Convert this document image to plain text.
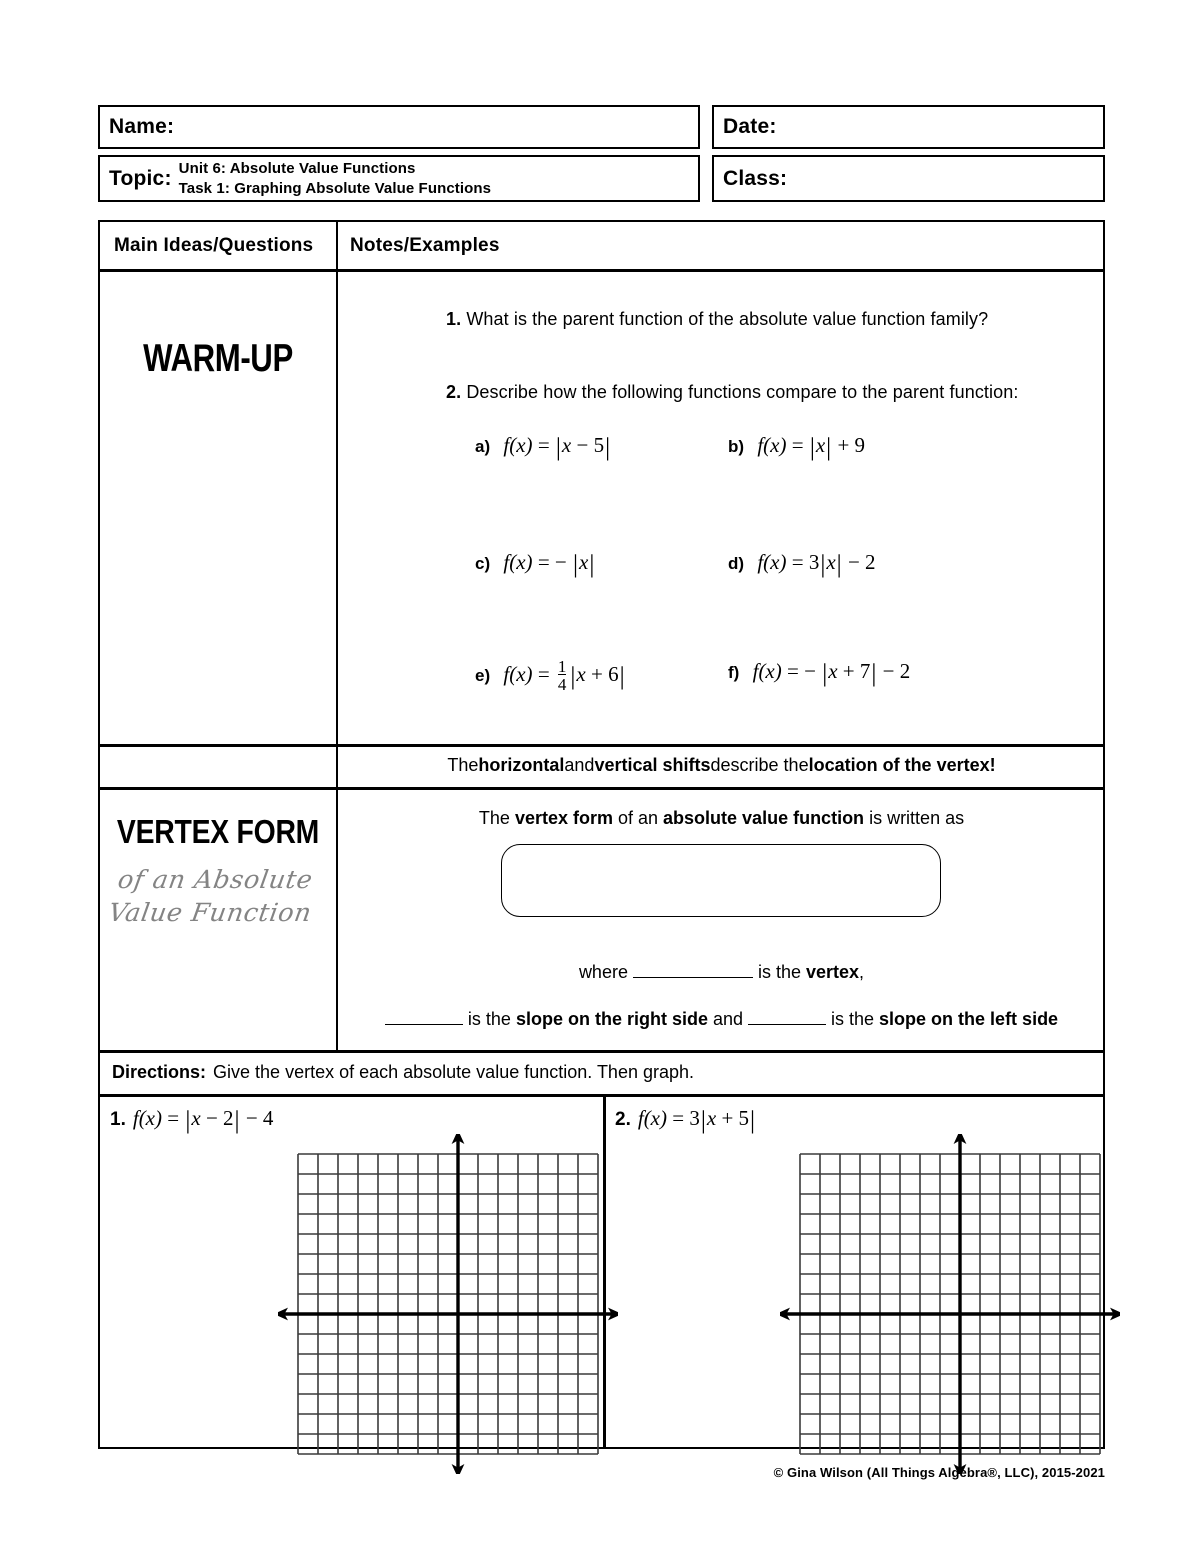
Name:	Date:
Topic: Unit 6: Absolute Value Functions
Task 1: Graphing Absolute Value Functions	Class:
Main Ideas/Questions Notes/Examples
WARM-UP
1. What is the parent function of the absolute value function family?
2. Describe how the following functions compare to the parent function:
a) f(x) = |x − 5|	b) f(x) = |x| + 9
c) f(x) = − |x|	d) f(x) = 3|x| − 2
e) $f(x) = \frac{1}{4} |x + 6|$	f) f(x) = − |x + 7| − 2
The horizontal and vertical shifts describe the location of the vertex!
VERTEX FORM
of an Absolute
Value Function
The vertex form of an absolute value function is written as
where	is the vertex,
is the slope on the right side and	is the slope on the left side
Directions: Give the vertex of each absolute value function. Then graph.
1. f(x) = |x − 2| − 4	2. f(x) = 3|x + 5|
© Gina Wilson (All Things Algebra®, LLC), 2015-2021
